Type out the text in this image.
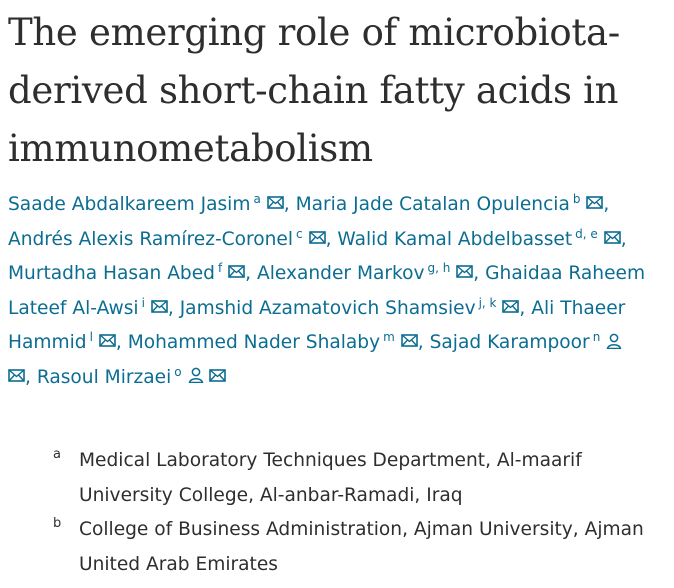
The emerging role of microbiota-
derived short-chain fatty acids in
immunometabolism
Saade Abdalkareem Jasim $^a$ , Maria Jade Catalan Opulencia $^b$ ,
Andrés Alexis Ramírez-Coronel $^c$ , Walid Kamal Abdelbasset $^{d, e}$ ,
Murtadha Hasan Abed $^f$ , Alexander Markov $^{g, h}$ , Ghaidaa Raheem
Lateef Al-Awsi $^i$ , Jamshid Azamatovich Shamsiev $^{j, k}$ , Ali Thaeer
Hammid $^l$ , Mohammed Nader Shalaby $^m$ , Sajad Karampoor $^n$
, Rasoul Mirzaei $^o$

a Medical Laboratory Techniques Department, Al-maarif
University College, Al-anbar-Ramadi, Iraq
b College of Business Administration, Ajman University, Ajman
United Arab Emirates
